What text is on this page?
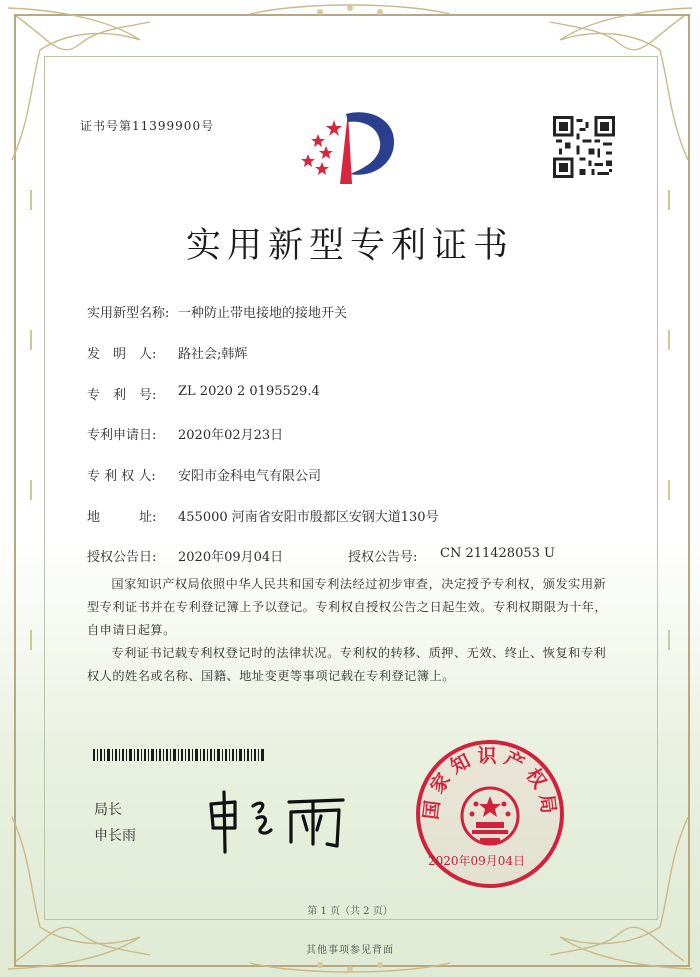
证书号第11399900号
实用新型专利证书
实用新型名称: 一种防止带电接地的接地开关
发　明　人: 路社会;韩辉
专　利　号: ZL 2020 2 0195529.4
专利申请日: 2020年02月23日
专 利 权 人: 安阳市金科电气有限公司
地　　　址: 455000 河南省安阳市殷都区安钢大道130号
授权公告日: 2020年09月04日	授权公告号: CN 211428053 U

国家知识产权局依照中华人民共和国专利法经过初步审查，决定授予专利权，颁发实用新型专利证书并在专利登记簿上予以登记。专利权自授权公告之日起生效。专利权期限为十年，自申请日起算。

专利证书记载专利权登记时的法律状况。专利权的转移、质押、无效、终止、恢复和专利权人的姓名或名称、国籍、地址变更等事项记载在专利登记簿上。

局长
申长雨
国家知识产权局
2020年09月04日
第 1 页（共 2 页）
其他事项参见背面
